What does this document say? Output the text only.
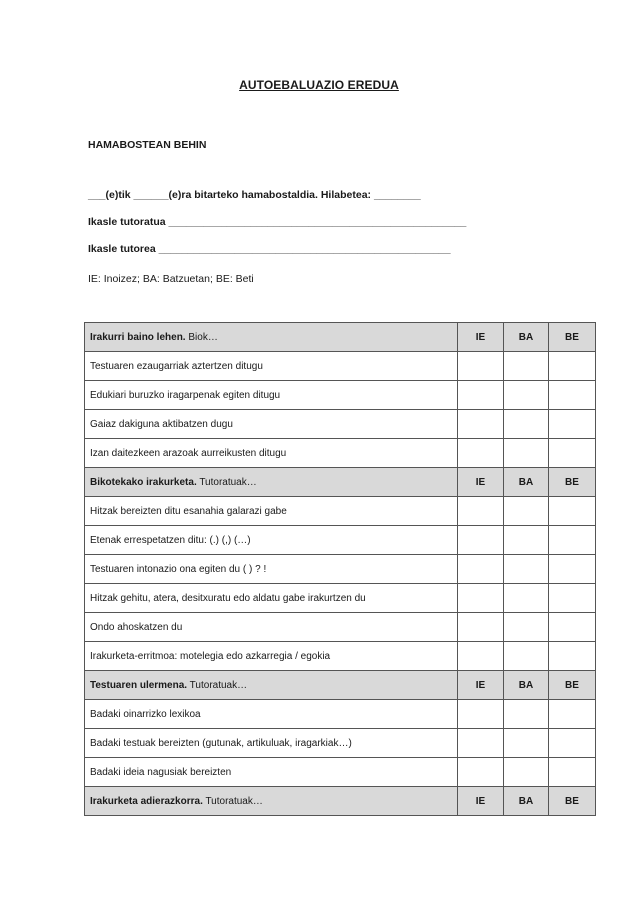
AUTOEBALUAZIO EREDUA
HAMABOSTEAN BEHIN
___(e)tik ______(e)ra bitarteko hamabostaldia. Hilabetea: ________
Ikasle tutoratua ___________________________________________________
Ikasle tutorea __________________________________________________
IE: Inoizez; BA: Batzuetan; BE: Beti
Irakurri baino lehen. Biok…	IE	BA	BE
Testuaren ezaugarriak aztertzen ditugu			
Edukiari buruzko iragarpenak egiten ditugu			
Gaiaz dakiguna aktibatzen dugu			
Izan daitezkeen arazoak aurreikusten ditugu			
Bikotekako irakurketa. Tutoratuak…	IE	BA	BE
Hitzak bereizten ditu esanahia galarazi gabe			
Etenak errespetatzen ditu: (.) (,) (…)			
Testuaren intonazio ona egiten du ( ) ? !			
Hitzak gehitu, atera, desitxuratu edo aldatu gabe irakurtzen du			
Ondo ahoskatzen du			
Irakurketa-erritmoa: motelegia edo azkarregia / egokia			
Testuaren ulermena. Tutoratuak…	IE	BA	BE
Badaki oinarrizko lexikoa			
Badaki testuak bereizten (gutunak, artikuluak, iragarkiak…)			
Badaki ideia nagusiak bereizten			
Irakurketa adierazkorra. Tutoratuak…	IE	BA	BE
